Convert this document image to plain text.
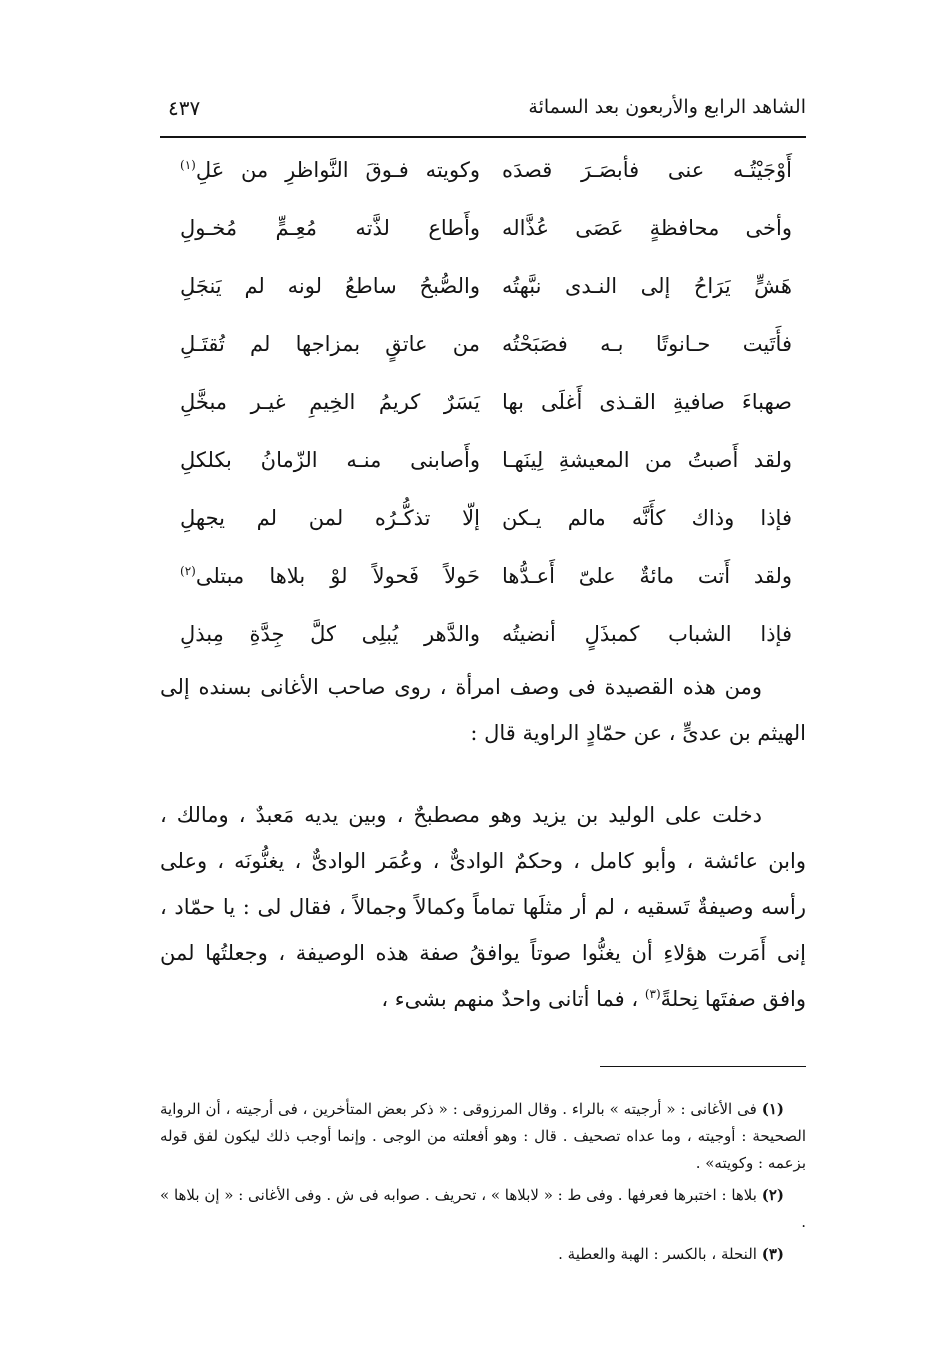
الشاهد الرابع والأربعون بعد السمائة
٤٣٧
أَوْجَيْتُـه عنى فأبصَـرَ قصدَه
وكويته فـوقَ النَّواظرِ من عَلِ$^{(١)}$
وأخى محافظةٍ عَصَى عُذَّاله
وأَطاع لذَّته مُعِـمٍّ مُخـولِ
هَشٍّ يَرَاحُ إلى النـدى نبَّهتُه
والصُّبحُ ساطعُ لونه لم يَنجَلِ
فأَتَيت حـانوتًا بـه فصَبَحْتُه
من عاتقٍ بمزاجها لم تُقتَـلِ
صهباءَ صافيةِ القـذى أَغلَى بها
يَسَرٌ كريمُ الخِيمِ غيـر مبخَّلِ
ولقد أَصبتُ من المعيشةِ لِينَهـا
وأَصابنى منـه الزّمانُ بكلكلِ
فإذا وذاك كأَنَّه مالم يـكن
إلّا تذكُّـرُه لمن لم يجهلِ
ولقد أَتت مائةٌ علىّ أَعـدُّها
حَولاً فَحولاً لوْ بلاها مبتلى$^{(٢)}$
فإذا الشباب كمبذَلٍ أنضيتُه
والدَّهر يُبلِى كلَّ جِدَّةِ مِبذلِ

ومن هذه القصيدة فى وصف امرأة ، روى صاحب الأغانى بسنده إلى الهيثم بن عدىٍّ ، عن حمّادٍ الراوية قال :

دخلت على الوليد بن يزيد وهو مصطبحٌ ، وبين يديه مَعبدٌ ، ومالك ، وابن عائشة ، وأبو كامل ، وحكمٌ الوادىٌّ ، وعُمَر الوادىٌّ ، يغنُّونَه ، وعلى رأسه وصيفةٌ تَسقيه ، لم أر مثلَها تماماً وكمالاً وجمالاً ، فقال لى : يا حمّاد ، إنى أَمَرت هؤلاءِ أن يغنُّوا صوتاً يوافقُ صفة هذه الوصيفة ، وجعلتُها لمن وافق صفتَها نِحلةً$^{(٣)}$ ، فما أتانى واحدٌ منهم بشىء ،

(١) فى الأغانى : « أرجيته » بالراء . وقال المرزوقى : « ذكر بعض المتأخرين ، فى أرجيته ، أن الرواية الصحيحة : أوجيته ، وما عداه تصحيف . قال : وهو أفعلته من الوجى . وإنما أوجب ذلك ليكون لفق قوله بزعمه : وكويته» .

(٢) بلاها : اختبرها فعرفها . وفى ط : « لابلاها » ، تحريف . صوابه فى ش . وفى الأغانى : « إن بلاها » .

(٣) النحلة ، بالكسر : الهبة والعطية .
